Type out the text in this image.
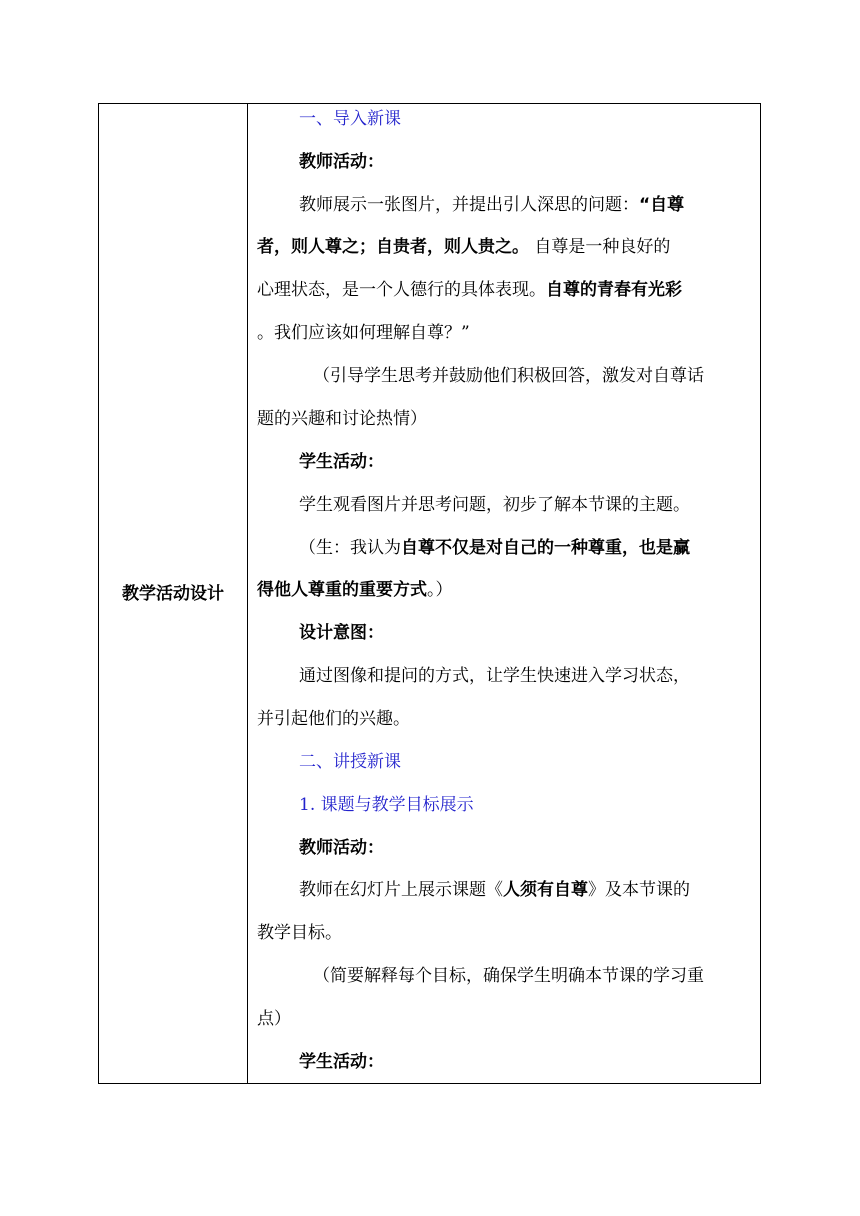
教学活动设计
一、导入新课
教师活动：
教师展示一张图片，并提出引人深思的问题：“自尊
者，则人尊之；自贵者，则人贵之。 自尊是一种良好的
心理状态，是一个人德行的具体表现。自尊的青春有光彩
。我们应该如何理解自尊？”
（引导学生思考并鼓励他们积极回答，激发对自尊话
题的兴趣和讨论热情）
学生活动：
学生观看图片并思考问题，初步了解本节课的主题。
（生：我认为自尊不仅是对自己的一种尊重，也是赢
得他人尊重的重要方式。）
设计意图：
通过图像和提问的方式，让学生快速进入学习状态，
并引起他们的兴趣。
二、讲授新课
1. 课题与教学目标展示
教师活动：
教师在幻灯片上展示课题《人须有自尊》及本节课的
教学目标。
（简要解释每个目标，确保学生明确本节课的学习重
点）
学生活动：
